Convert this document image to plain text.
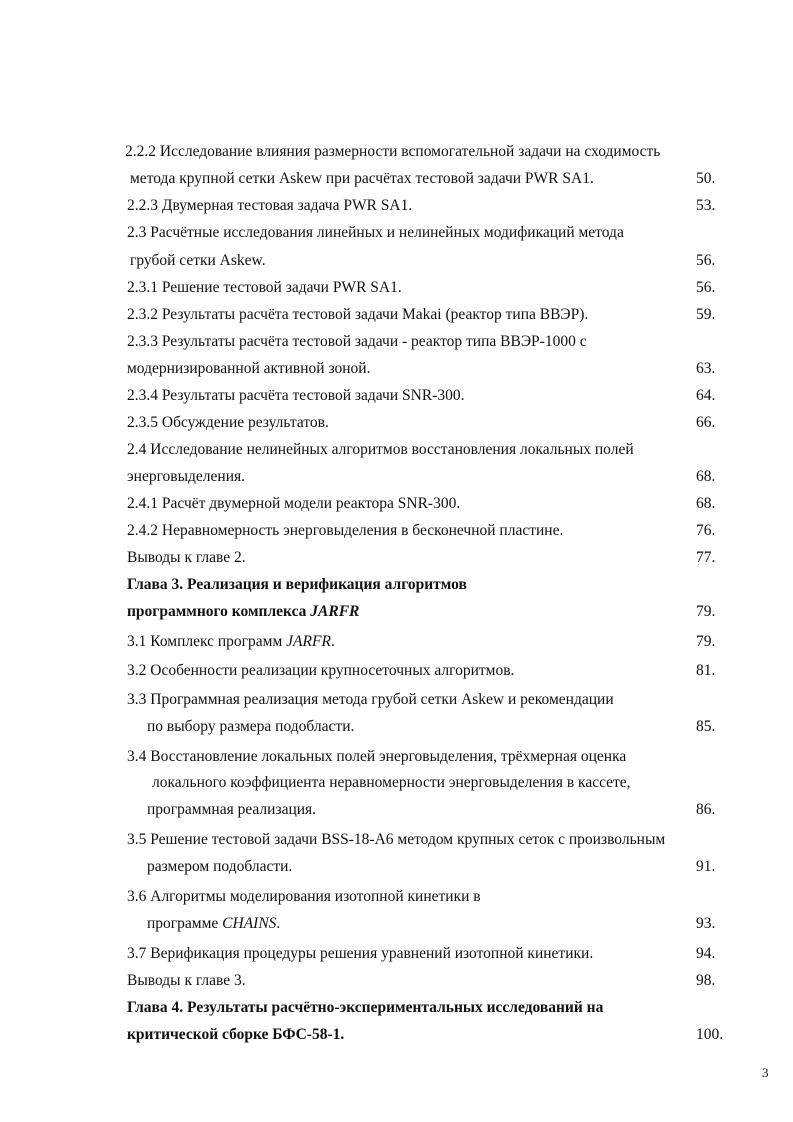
2.2.2 Исследование влияния размерности вспомогательной задачи на сходимость
метода крупной сетки Askew при расчётах тестовой задачи PWR SA1.	50.
2.2.3 Двумерная тестовая задача PWR SA1.	53.
2.3 Расчётные исследования линейных и нелинейных модификаций метода
грубой сетки Askew.	56.
2.3.1 Решение тестовой задачи PWR SA1.	56.
2.3.2 Результаты расчёта тестовой задачи Makai (реактор типа ВВЭР).	59.
2.3.3 Результаты расчёта тестовой задачи - реактор типа ВВЭР-1000 с
модернизированной активной зоной.	63.
2.3.4 Результаты расчёта тестовой задачи SNR-300.	64.
2.3.5 Обсуждение результатов.	66.
2.4 Исследование нелинейных алгоритмов восстановления локальных полей
энерговыделения.	68.
2.4.1 Расчёт двумерной модели реактора SNR-300.	68.
2.4.2 Неравномерность энерговыделения в бесконечной пластине.	76.
Выводы к главе 2.	77.
Глава 3. Реализация и верификация алгоритмов
программного комплекса JARFR	79.
3.1 Комплекс программ JARFR.	79.
3.2 Особенности реализации крупносеточных алгоритмов.	81.
3.3 Программная реализация метода грубой сетки Askew и рекомендации
по выбору размера подобласти.	85.
3.4 Восстановление локальных полей энерговыделения, трёхмерная оценка
локального коэффициента неравномерности энерговыделения в кассете,
программная реализация.	86.
3.5 Решение тестовой задачи BSS-18-A6 методом крупных сеток с произвольным
размером подобласти.	91.
3.6 Алгоритмы моделирования изотопной кинетики в
программе CHAINS.	93.
3.7 Верификация процедуры решения уравнений изотопной кинетики.	94.
Выводы к главе 3.	98.
Глава 4. Результаты расчётно-экспериментальных исследований на
критической сборке БФС-58-1.	100.
3
